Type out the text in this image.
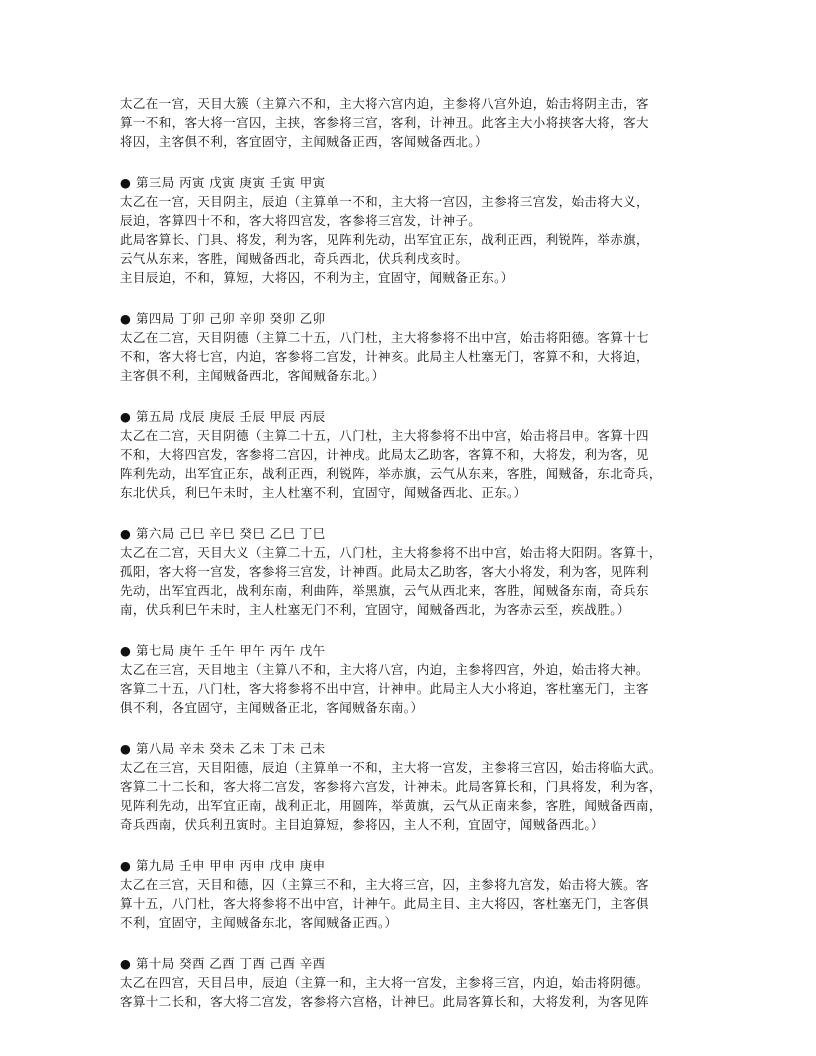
太乙在一宫，天目大簇（主算六不和，主大将六宫内迫，主参将八宫外迫，始击将阴主击，客
算一不和，客大将一宫囚，主挟，客参将三宫，客利，计神丑。此客主大小将挟客大将，客大
将囚，主客俱不利，客宜固守，主闻贼备正西，客闻贼备西北。）
● 第三局 丙寅 戊寅 庚寅 壬寅 甲寅
太乙在一宫，天目阴主，辰迫（主算单一不和，主大将一宫囚，主参将三宫发，始击将大义，
辰迫，客算四十不和，客大将四宫发，客参将三宫发，计神子。
此局客算长、门具、将发，利为客，见阵利先动，出军宜正东，战利正西，利锐阵，举赤旗，
云气从东来，客胜，闻贼备西北，奇兵西北，伏兵利戌亥时。
主目辰迫，不和，算短，大将囚，不利为主，宜固守，闻贼备正东。）
● 第四局 丁卯 己卯 辛卯 癸卯 乙卯
太乙在二宫，天目阴德（主算二十五，八门杜，主大将参将不出中宫，始击将阳德。客算十七
不和，客大将七宫，内迫，客参将二宫发，计神亥。此局主人杜塞无门，客算不和，大将迫，
主客俱不利，主闻贼备西北，客闻贼备东北。）
● 第五局 戊辰 庚辰 壬辰 甲辰 丙辰
太乙在二宫，天目阴德（主算二十五，八门杜，主大将参将不出中宫，始击将吕申。客算十四
不和，大将四宫发，客参将二宫囚，计神戌。此局太乙助客，客算不和，大将发，利为客，见
阵利先动，出军宜正东，战利正西，利锐阵，举赤旗，云气从东来，客胜，闻贼备，东北奇兵，
东北伏兵，利巳午未时，主人杜塞不利，宜固守，闻贼备西北、正东。）
● 第六局 己巳 辛巳 癸巳 乙巳 丁巳
太乙在二宫，天目大义（主算二十五，八门杜，主大将参将不出中宫，始击将大阳阴。客算十，
孤阳，客大将一宫发，客参将三宫发，计神酉。此局太乙助客，客大小将发，利为客，见阵利
先动，出军宜西北，战利东南，利曲阵，举黑旗，云气从西北来，客胜，闻贼备东南，奇兵东
南，伏兵利巳午未时，主人杜塞无门不利，宜固守，闻贼备西北，为客赤云至，疾战胜。）
● 第七局 庚午 壬午 甲午 丙午 戊午
太乙在三宫，天目地主（主算八不和，主大将八宫，内迫，主参将四宫，外迫，始击将大神。
客算二十五，八门杜，客大将参将不出中宫，计神申。此局主人大小将迫，客杜塞无门，主客
俱不利，各宜固守，主闻贼备正北，客闻贼备东南。）
● 第八局 辛未 癸未 乙未 丁未 己未
太乙在三宫，天目阳德，辰迫（主算单一不和，主大将一宫发，主参将三宫囚，始击将临大武。
客算二十二长和，客大将二宫发，客参将六宫发，计神未。此局客算长和，门具将发，利为客，
见阵利先动，出军宜正南，战利正北，用圆阵，举黄旗，云气从正南来参，客胜，闻贼备西南，
奇兵西南，伏兵利丑寅时。主目迫算短，参将囚，主人不利，宜固守，闻贼备西北。）
● 第九局 壬申 甲申 丙申 戊申 庚申
太乙在三宫，天目和德，囚（主算三不和，主大将三宫，囚，主参将九宫发，始击将大簇。客
算十五，八门杜，客大将参将不出中宫，计神午。此局主目、主大将囚，客杜塞无门，主客俱
不利，宜固守，主闻贼备东北，客闻贼备正西。）
● 第十局 癸酉 乙酉 丁酉 己酉 辛酉
太乙在四宫，天目吕申，辰迫（主算一和，主大将一宫发，主参将三宫，内迫，始击将阴德。
客算十二长和，客大将二宫发，客参将六宫格，计神巳。此局客算长和，大将发利，为客见阵
